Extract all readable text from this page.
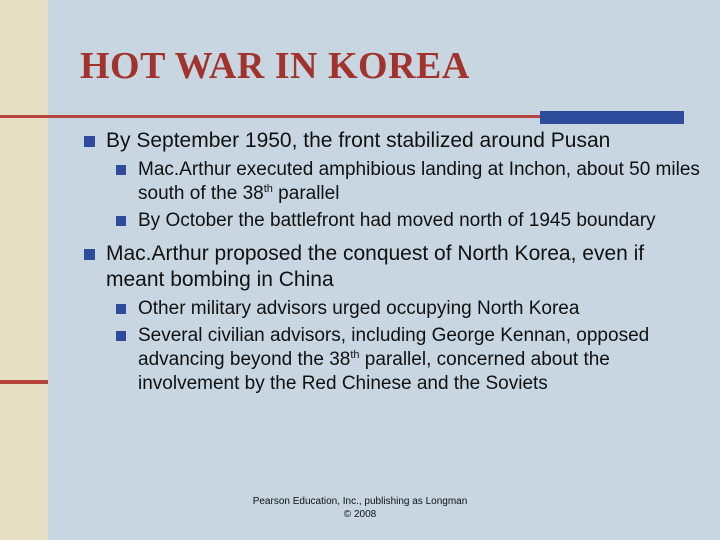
HOT WAR IN KOREA
By September 1950, the front stabilized around Pusan
Mac.Arthur executed amphibious landing at Inchon, about 50 miles south of the 38th parallel
By October the battlefront had moved north of 1945 boundary
Mac.Arthur proposed the conquest of North Korea, even if meant bombing in China
Other military advisors urged occupying North Korea
Several civilian advisors, including George Kennan, opposed advancing beyond the 38th parallel, concerned about the involvement by the Red Chinese and the Soviets
Pearson Education, Inc., publishing as Longman
© 2008
